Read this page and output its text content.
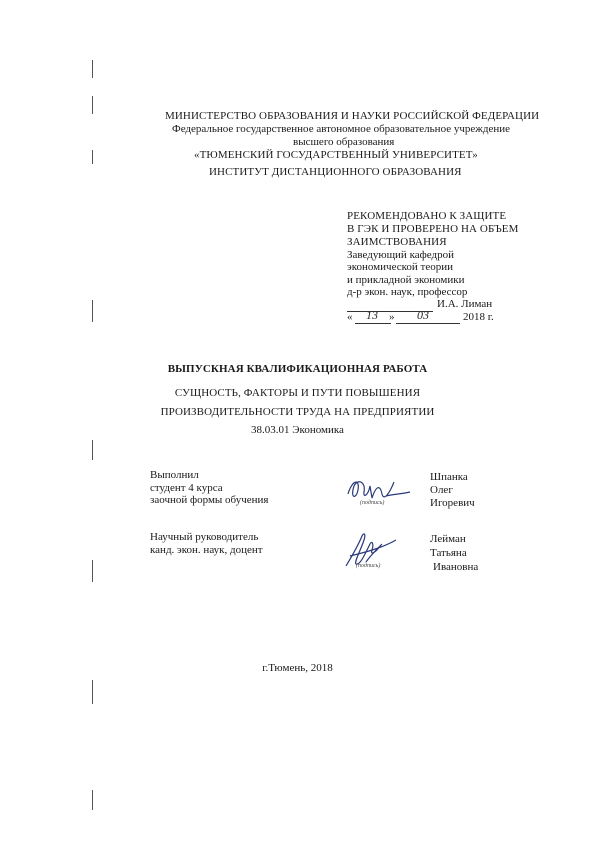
МИНИСТЕРСТВО ОБРАЗОВАНИЯ И НАУКИ РОССИЙСКОЙ ФЕДЕРАЦИИ
Федеральное государственное автономное образовательное учреждение
высшего образования
«ТЮМЕНСКИЙ ГОСУДАРСТВЕННЫЙ УНИВЕРСИТЕТ»
ИНСТИТУТ ДИСТАНЦИОННОГО ОБРАЗОВАНИЯ
РЕКОМЕНДОВАНО К ЗАЩИТЕ
В ГЭК И ПРОВЕРЕНО НА ОБЪЕМ
ЗАИМСТВОВАНИЯ
Заведующий кафедрой
экономической теории
и прикладной экономики
д-р экон. наук, профессор
И.А. Лиман
« 13 » 03	2018 г.
ВЫПУСКНАЯ КВАЛИФИКАЦИОННАЯ РАБОТА
СУЩНОСТЬ, ФАКТОРЫ И ПУТИ ПОВЫШЕНИЯ
ПРОИЗВОДИТЕЛЬНОСТИ ТРУДА НА ПРЕДПРИЯТИИ
38.03.01 Экономика
Выполнил
студент 4 курса
заочной формы обучения	(подпись)
Шпанка
Олег
Игоревич
Научный руководитель
канд. экон. наук, доцент
(подпись)
Лейман
Татьяна
Ивановна
г.Тюмень, 2018
